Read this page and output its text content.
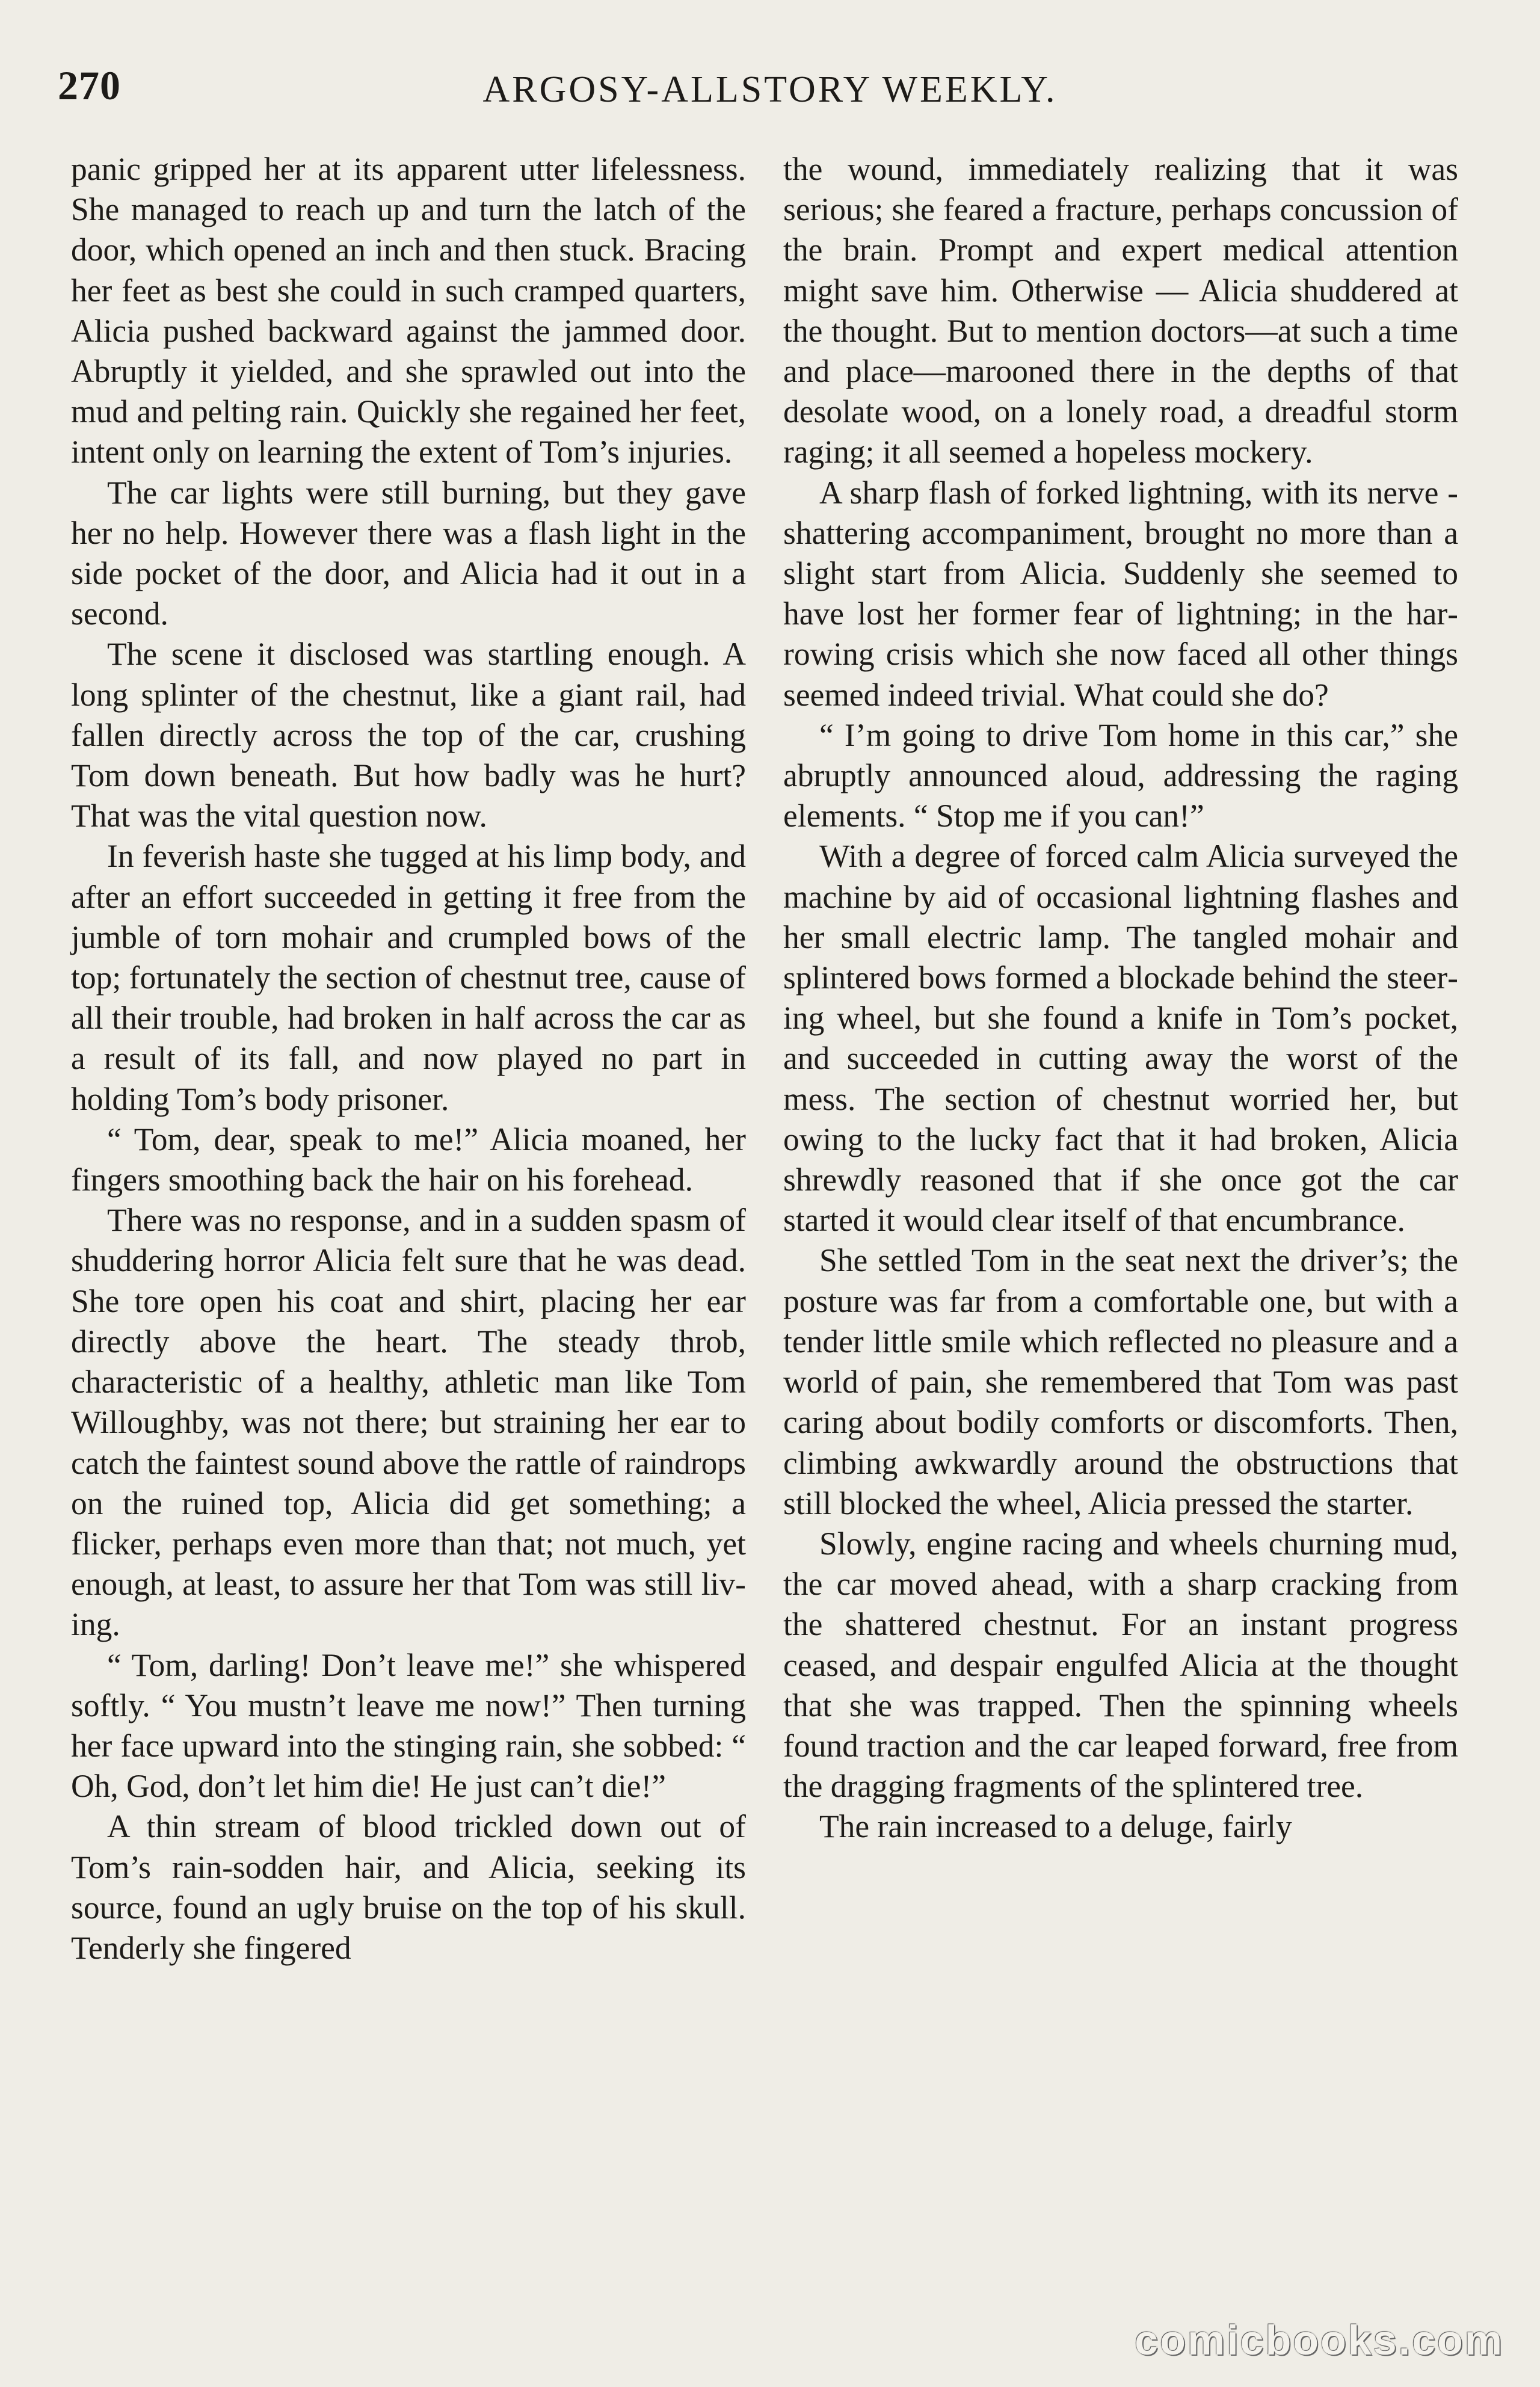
270	ARGOSY-ALLSTORY WEEKLY.

panic gripped her at its apparent utter lifelessness. She managed to reach up and turn the latch of the door, which opened an inch and then stuck. Bracing her feet as best she could in such cramped quarters, Alicia pushed backward against the jammed door. Abruptly it yielded, and she sprawled out into the mud and pelting rain. Quickly she regained her feet, intent only on learning the extent of Tom’s injuries.

The car lights were still burning, but they gave her no help. However there was a flash light in the side pocket of the door, and Alicia had it out in a second.

The scene it disclosed was startling enough. A long splinter of the chestnut, like a giant rail, had fallen directly across the top of the car, crushing Tom down beneath. But how badly was he hurt? That was the vital question now.

In feverish haste she tugged at his limp body, and after an effort succeeded in getting it free from the jumble of torn mohair and crumpled bows of the top; fortunately the section of chestnut tree, cause of all their trouble, had broken in half across the car as a result of its fall, and now played no part in holding Tom’s body prisoner.

“ Tom, dear, speak to me!” Alicia moaned, her fingers smoothing back the hair on his forehead.

There was no response, and in a sudden spasm of shuddering horror Alicia felt sure that he was dead. She tore open his coat and shirt, placing her ear directly above the heart. The steady throb, characteristic of a healthy, athletic man like Tom Willoughby, was not there; but straining her ear to catch the faintest sound above the rattle of raindrops on the ruined top, Alicia did get something; a flicker, perhaps even more than that; not much, yet enough, at least, to assure her that Tom was still living.

“ Tom, darling! Don’t leave me!” she whispered softly. “ You mustn’t leave me now!” Then turning her face upward into the stinging rain, she sobbed: “ Oh, God, don’t let him die! He just can’t die!”

A thin stream of blood trickled down out of Tom’s rain-sodden hair, and Alicia, seeking its source, found an ugly bruise on the top of his skull. Tenderly she fingered

the wound, immediately realizing that it was serious; she feared a fracture, perhaps concussion of the brain. Prompt and expert medical attention might save him. Otherwise — Alicia shuddered at the thought. But to mention doctors—at such a time and place—marooned there in the depths of that desolate wood, on a lonely road, a dreadful storm raging; it all seemed a hopeless mockery.

A sharp flash of forked lightning, with its nerve - shattering accompaniment, brought no more than a slight start from Alicia. Suddenly she seemed to have lost her former fear of lightning; in the harrowing crisis which she now faced all other things seemed indeed trivial. What could she do?

“ I’m going to drive Tom home in this car,” she abruptly announced aloud, addressing the raging elements. “ Stop me if you can!”

With a degree of forced calm Alicia surveyed the machine by aid of occasional lightning flashes and her small electric lamp. The tangled mohair and splintered bows formed a blockade behind the steering wheel, but she found a knife in Tom’s pocket, and succeeded in cutting away the worst of the mess. The section of chestnut worried her, but owing to the lucky fact that it had broken, Alicia shrewdly reasoned that if she once got the car started it would clear itself of that encumbrance.

She settled Tom in the seat next the driver’s; the posture was far from a comfortable one, but with a tender little smile which reflected no pleasure and a world of pain, she remembered that Tom was past caring about bodily comforts or discomforts. Then, climbing awkwardly around the obstructions that still blocked the wheel, Alicia pressed the starter.

Slowly, engine racing and wheels churning mud, the car moved ahead, with a sharp cracking from the shattered chestnut. For an instant progress ceased, and despair engulfed Alicia at the thought that she was trapped. Then the spinning wheels found traction and the car leaped forward, free from the dragging fragments of the splintered tree.

The rain increased to a deluge, fairly

comicbooks.com
